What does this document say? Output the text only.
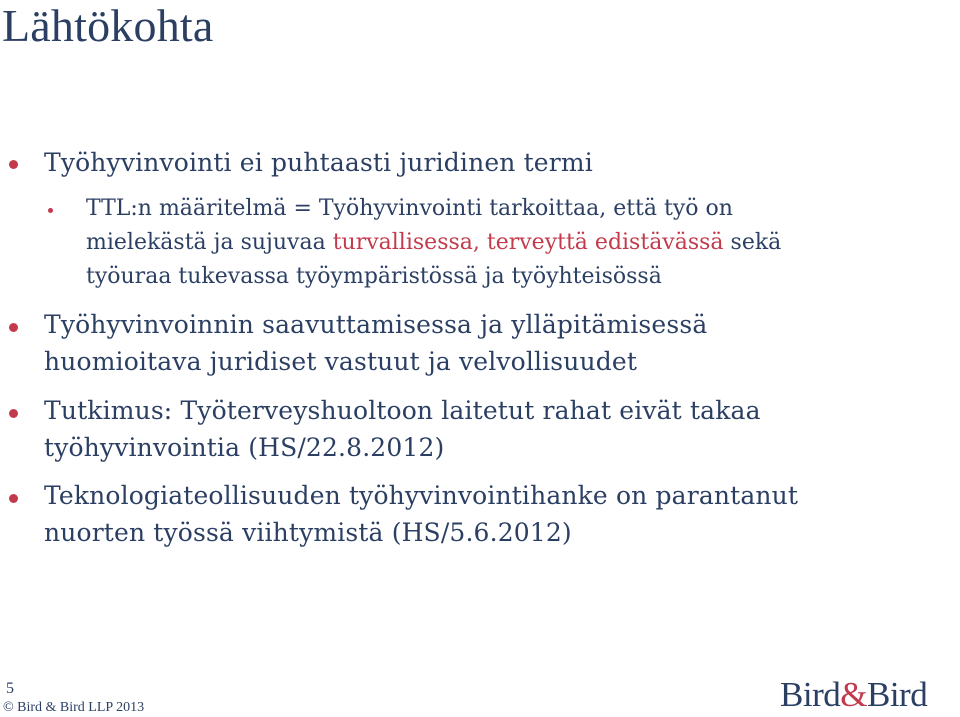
Lähtökohta

Työhyvinvointi ei puhtaasti juridinen termi

TTL:n määritelmä = Työhyvinvointi tarkoittaa, että työ on

mielekästä ja sujuvaa turvallisessa, terveyttä edistävässä sekä

työuraa tukevassa työympäristössä ja työyhteisössä

Työhyvinvoinnin saavuttamisessa ja ylläpitämisessä

huomioitava juridiset vastuut ja velvollisuudet

Tutkimus: Työterveyshuoltoon laitetut rahat eivät takaa

työhyvinvointia (HS/22.8.2012)

Teknologiateollisuuden työhyvinvointihanke on parantanut

nuorten työssä viihtymistä (HS/5.6.2012)

5
© Bird & Bird LLP 2013	Bird&Bird
